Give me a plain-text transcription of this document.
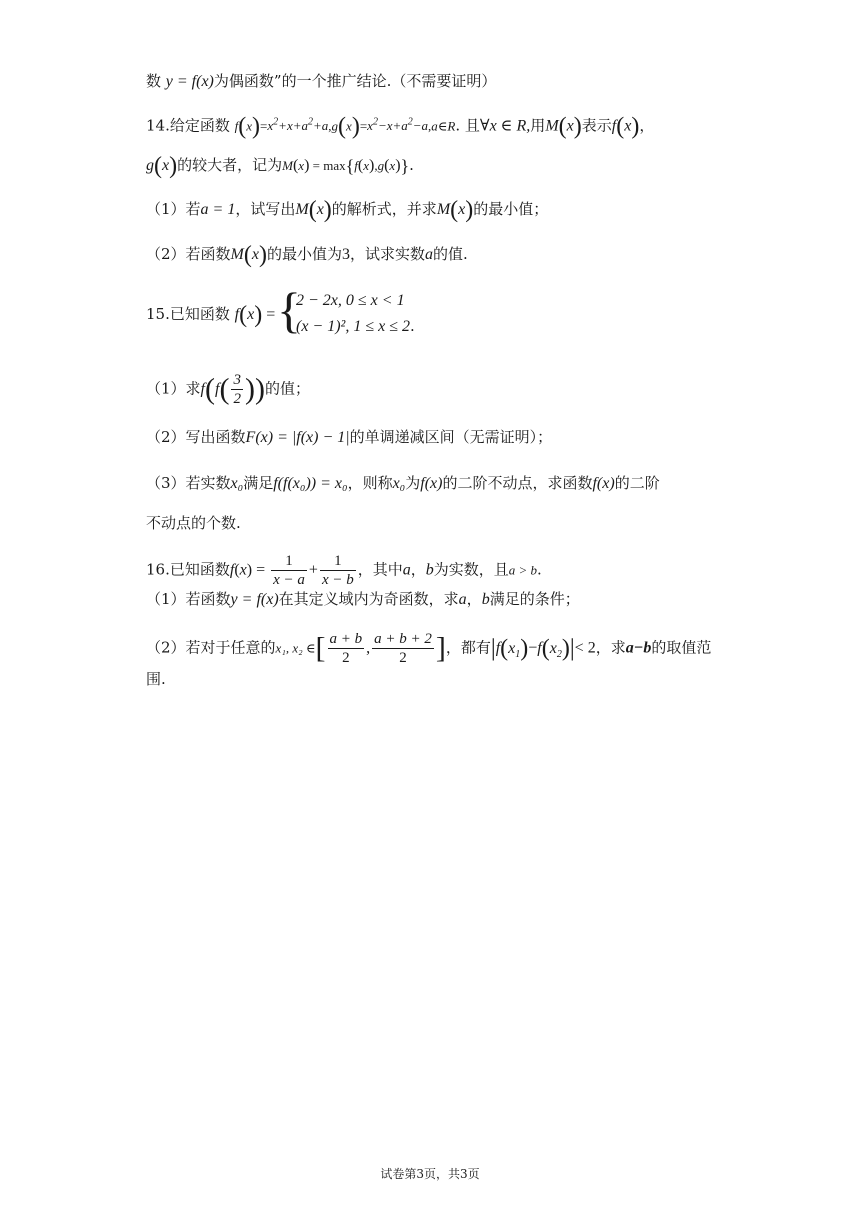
数 y = f(x)为偶函数”的一个推广结论.（不需要证明）
14.给定函数 $f(x)=x^2+x+a^2+a,g(x)=x^2-x+a^2-a,a\in R$. 且∀x ∈ R,用M(x)表示f(x)，
g(x)的较大者，记为M(x) = max{f(x),g(x)}.
（1）若a = 1，试写出M(x)的解析式，并求M(x)的最小值；
（2）若函数M(x)的最小值为3，试求实数a的值.
15.已知函数 f(x) = {
2 − 2x, 0 ≤ x < 1
(x − 1)², 1 ≤ x ≤ 2.
（1）求$f(f( \frac{3}{2}$ ))的值；
（2）写出函数F(x) = |f(x) − 1|的单调递减区间（无需证明）；
（3）若实数x₀满足f(f(x₀)) = x₀，则称x₀为f(x)的二阶不动点，求函数f(x)的二阶
不动点的个数.
16.已知函数$f(x) = \frac{1}{x - a} + \frac{1}{x - b}$ ，其中a，b为实数，且a > b.
（1）若函数y = f(x)在其定义域内为奇函数，求a，b满足的条件；
（2）若对于任意的x₁, x₂ ∈[ $\frac{a + b}{2}$ , $\frac{a + b + 2}{2}$ ]，都有$|f(x_1)-f(x_2)|< 2$，求a−b的取值范
围.
试卷第3页，共3页
